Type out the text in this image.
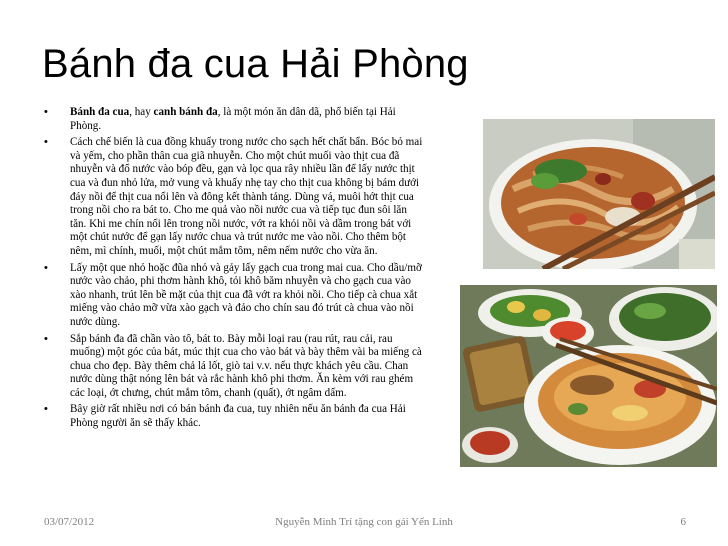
Bánh đa cua Hải Phòng
• Bánh đa cua, hay canh bánh đa, là một món ăn dân dã, phổ biến tại Hải Phòng.
• Cách chế biến là cua đồng khuấy trong nước cho sạch hết chất bẩn. Bóc bỏ mai và yếm, cho phần thân cua giã nhuyễn. Cho một chút muối vào thịt cua đã nhuyễn và đổ nước vào bóp đều, gạn và lọc qua rây nhiều lần để lấy nước thịt cua và đun nhỏ lửa, mở vung và khuấy nhẹ tay cho thịt cua không bị bám dưới đáy nồi để thịt cua nổi lên và đông kết thành tảng. Dùng vá, muôi hớt thịt cua trong nồi cho ra bát to. Cho me quả vào nồi nước cua và tiếp tục đun sôi lăn tăn. Khi me chín nổi lên trong nồi nước, vớt ra khỏi nồi và dầm trong bát với một chút nước để gạn lấy nước chua và trút nước me vào nồi. Cho thêm bột nêm, mì chính, muối, một chút mắm tôm, nêm nếm nước cho vừa ăn.
• Lấy một que nhỏ hoặc đũa nhỏ và gảy lấy gạch cua trong mai cua. Cho dầu/mỡ nước vào chảo, phi thơm hành khô, tỏi khô băm nhuyễn và cho gạch cua vào xào nhanh, trút lên bề mặt của thịt cua đã vớt ra khỏi nồi. Cho tiếp cà chua xắt miếng vào chảo mỡ vừa xào gạch và đảo cho chín sau đó trút cà chua vào nồi nước dùng.
• Sắp bánh đa đã chần vào tô, bát to. Bày mỗi loại rau (rau rút, rau cải, rau muống) một góc của bát, múc thịt cua cho vào bát và bày thêm vài ba miếng cà chua cho đẹp. Bày thêm chả lá lốt, giò tai v.v. nếu thực khách yêu cầu. Chan nước dùng thật nóng lên bát và rắc hành khô phi thơm. Ăn kèm với rau ghém các loại, ớt chưng, chút mắm tôm, chanh (quất), ớt ngâm dấm.
• Bây giờ rất nhiều nơi có bán bánh đa cua, tuy nhiên nếu ăn bánh đa cua Hải Phòng người ăn sẽ thấy khác.
03/07/2012	Nguyễn Minh Trí tặng con gái Yến Linh	6
